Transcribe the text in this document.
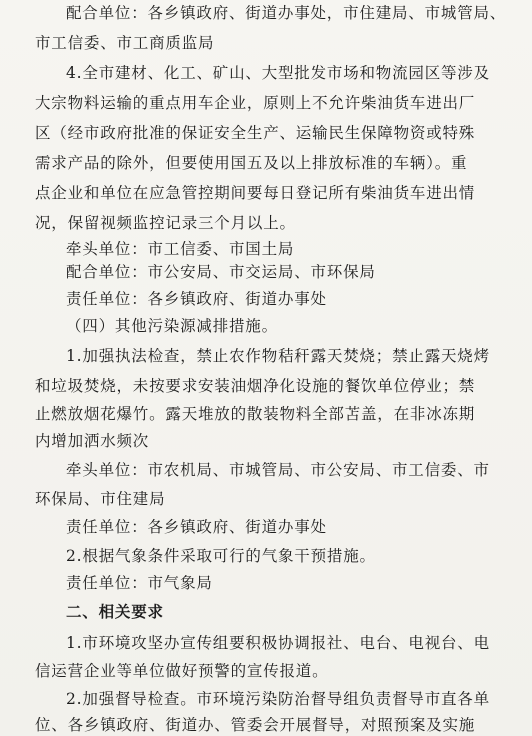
配合单位：各乡镇政府、街道办事处，市住建局、市城管局、
市工信委、市工商质监局
4.全市建材、化工、矿山、大型批发市场和物流园区等涉及
大宗物料运输的重点用车企业，原则上不允许柴油货车进出厂
区（经市政府批准的保证安全生产、运输民生保障物资或特殊
需求产品的除外，但要使用国五及以上排放标准的车辆）。重
点企业和单位在应急管控期间要每日登记所有柴油货车进出情
况，保留视频监控记录三个月以上。
牵头单位：市工信委、市国土局
配合单位：市公安局、市交运局、市环保局
责任单位：各乡镇政府、街道办事处
（四）其他污染源减排措施。
1.加强执法检查，禁止农作物秸秆露天焚烧；禁止露天烧烤
和垃圾焚烧，未按要求安装油烟净化设施的餐饮单位停业；禁
止燃放烟花爆竹。露天堆放的散装物料全部苫盖，在非冰冻期
内增加洒水频次
牵头单位：市农机局、市城管局、市公安局、市工信委、市
环保局、市住建局
责任单位：各乡镇政府、街道办事处
2.根据气象条件采取可行的气象干预措施。
责任单位：市气象局
二、相关要求
1.市环境攻坚办宣传组要积极协调报社、电台、电视台、电
信运营企业等单位做好预警的宣传报道。
2.加强督导检查。市环境污染防治督导组负责督导市直各单
位、各乡镇政府、街道办、管委会开展督导，对照预案及实施
